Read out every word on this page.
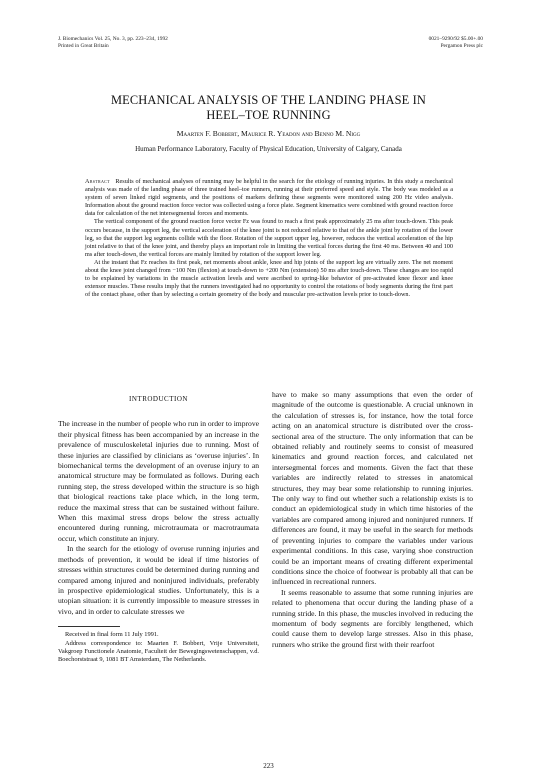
J. Biomechanics Vol. 25, No. 3, pp. 223–234, 1992
Printed in Great Britain
0021–9290/92 $5.00+.00
Pergamon Press plc
MECHANICAL ANALYSIS OF THE LANDING PHASE IN
HEEL–TOE RUNNING
Maarten F. Bobbert, Maurice R. Yeadon and Benno M. Nigg
Human Performance Laboratory, Faculty of Physical Education, University of Calgary, Canada

Abstract Results of mechanical analyses of running may be helpful in the search for the etiology of running injuries. In this study a mechanical analysis was made of the landing phase of three trained heel–toe runners, running at their preferred speed and style. The body was modeled as a system of seven linked rigid segments, and the positions of markers defining these segments were monitored using 200 Hz video analysis. Information about the ground reaction force vector was collected using a force plate. Segment kinematics were combined with ground reaction force data for calculation of the net intersegmental forces and moments.

The vertical component of the ground reaction force vector Fz was found to reach a first peak approximately 25 ms after touch-down. This peak occurs because, in the support leg, the vertical acceleration of the knee joint is not reduced relative to that of the ankle joint by rotation of the lower leg, so that the support leg segments collide with the floor. Rotation of the support upper leg, however, reduces the vertical acceleration of the hip joint relative to that of the knee joint, and thereby plays an important role in limiting the vertical forces during the first 40 ms. Between 40 and 100 ms after touch-down, the vertical forces are mainly limited by rotation of the support lower leg.

At the instant that Fz reaches its first peak, net moments about ankle, knee and hip joints of the support leg are virtually zero. The net moment about the knee joint changed from −100 Nm (flexion) at touch-down to +200 Nm (extension) 50 ms after touch-down. These changes are too rapid to be explained by variations in the muscle activation levels and were ascribed to spring-like behavior of pre-activated knee flexor and knee extensor muscles. These results imply that the runners investigated had no opportunity to control the rotations of body segments during the first part of the contact phase, other than by selecting a certain geometry of the body and muscular pre-activation levels prior to touch-down.

INTRODUCTION

The increase in the number of people who run in order to improve their physical fitness has been accompanied by an increase in the prevalence of musculoskeletal injuries due to running. Most of these injuries are classified by clinicians as ‘overuse injuries’. In biomechanical terms the development of an overuse injury to an anatomical structure may be formulated as follows. During each running step, the stress developed within the structure is so high that biological reactions take place which, in the long term, reduce the maximal stress that can be sustained without failure. When this maximal stress drops below the stress actually encountered during running, microtraumata or macrotraumata occur, which constitute an injury.

In the search for the etiology of overuse running injuries and methods of prevention, it would be ideal if time histories of stresses within structures could be determined during running and compared among injured and noninjured individuals, preferably in prospective epidemiological studies. Unfortunately, this is a utopian situation: it is currently impossible to measure stresses in vivo, and in order to calculate stresses we

Received in final form 11 July 1991.

Address correspondence to: Maarten F. Bobbert, Vrije Universiteit, Vakgroep Functionele Anatomie, Faculteit der Bewegingswetenschappen, v.d. Boechorststraat 9, 1081 BT Amsterdam, The Netherlands.

have to make so many assumptions that even the order of magnitude of the outcome is questionable. A crucial unknown in the calculation of stresses is, for instance, how the total force acting on an anatomical structure is distributed over the cross-sectional area of the structure. The only information that can be obtained reliably and routinely seems to consist of measured kinematics and ground reaction forces, and calculated net intersegmental forces and moments. Given the fact that these variables are indirectly related to stresses in anatomical structures, they may bear some relationship to running injuries. The only way to find out whether such a relationship exists is to conduct an epidemiological study in which time histories of the variables are compared among injured and noninjured runners. If differences are found, it may be useful in the search for methods of preventing injuries to compare the variables under various experimental conditions. In this case, varying shoe construction could be an important means of creating different experimental conditions since the choice of footwear is probably all that can be influenced in recreational runners.

It seems reasonable to assume that some running injuries are related to phenomena that occur during the landing phase of a running stride. In this phase, the muscles involved in reducing the momentum of body segments are forcibly lengthened, which could cause them to develop large stresses. Also in this phase, runners who strike the ground first with their rearfoot

223
